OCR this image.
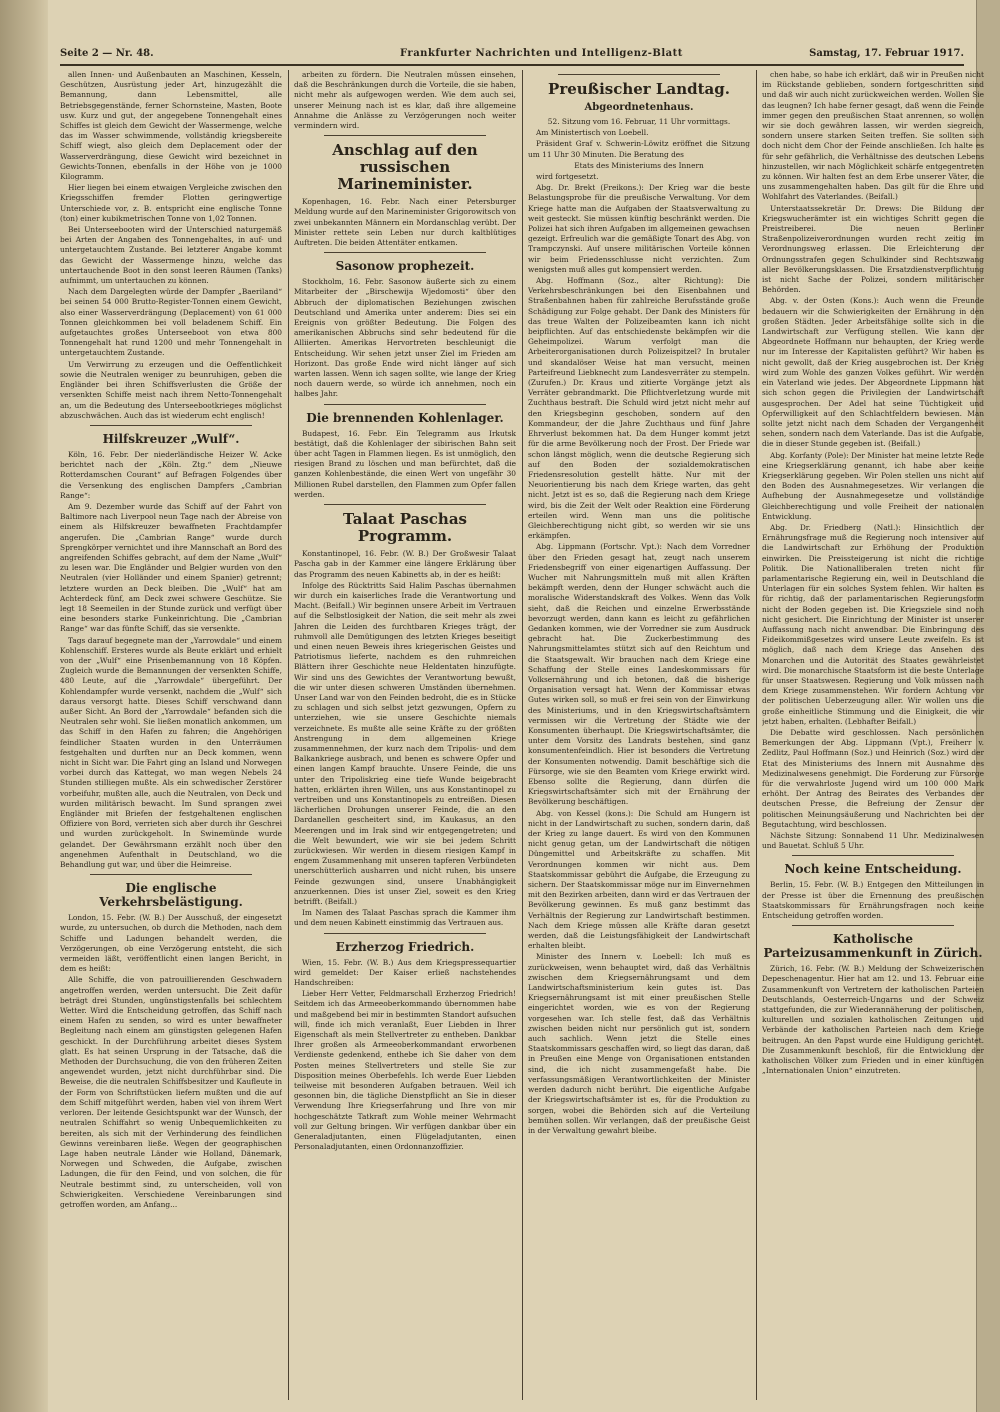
Seite 2 — Nr. 48.	Frankfurter Nachrichten und Intelligenz-Blatt	Samstag, 17. Februar 1917.

allen Innen- und Außenbauten an Maschinen, Kesseln, Geschützen, Ausrüstung jeder Art, hinzugezählt die Bemannung, dann Lebensmittel, alle Betriebsgegenstände, ferner Schornsteine, Masten, Boote usw. Kurz und gut, der angegebene Tonnengehalt eines Schiffes ist gleich dem Gewicht der Wassermenge, welche das im Wasser schwimmende, vollständig kriegsbereite Schiff wiegt, also gleich dem Deplacement oder der Wasserverdrängung, diese Gewicht wird bezeichnet in Gewichts-Tonnen, ebenfalls in der Höhe von je 1000 Kilogramm.

Hier liegen bei einem etwaigen Vergleiche zwischen den Kriegsschiffen fremder Flotten geringwertige Unterschiede vor, z. B. entspricht eine englische Tonne (ton) einer kubikmetrischen Tonne von 1,02 Tonnen.

Bei Unterseebooten wird der Unterschied naturgemäß bei Arten der Angaben des Tonnengehaltes, in auf- und untergetauchtem Zustande. Bei letzterer Angabe kommt das Gewicht der Wassermenge hinzu, welche das untertauchende Boot in den sonst leeren Räumen (Tanks) aufnimmt, um untertauchen zu können.

Nach dem Dargelegten würde der Dampfer „Baeriland“ bei seinen 54 000 Brutto-Register-Tonnen einem Gewicht, also einer Wasserverdrängung (Deplacement) von 61 000 Tonnen gleichkommen bei voll beladenem Schiff. Ein aufgetauchtes großes Unterseeboot von etwa 800 Tonnengehalt hat rund 1200 und mehr Tonnengehalt in untergetauchtem Zustande.

Um Verwirrung zu erzeugen und die Oeffentlichkeit sowie die Neutralen weniger zu beunruhigen, geben die Engländer bei ihren Schiffsverlusten die Größe der versenkten Schiffe meist nach ihrem Netto-Tonnengehalt an, um die Bedeutung des Unterseebootkrieges möglichst abzuschwächen. Auch das ist wiederum echt englisch!

Hilfskreuzer „Wulf“.

Köln, 16. Febr. Der niederländische Heizer W. Acke berichtet nach der „Köln. Ztg.“ dem „Nieuwe Rotterdamschen Courant“ auf Befragen Folgendes über die Versenkung des englischen Dampfers „Cambrian Range“:

Am 9. Dezember wurde das Schiff auf der Fahrt von Baltimore nach Liverpool neun Tage nach der Abreise von einem als Hilfskreuzer bewaffneten Frachtdampfer angerufen. Die „Cambrian Range“ wurde durch Sprengkörper vernichtet und ihre Mannschaft an Bord des angreifenden Schiffes gebracht, auf dem der Name „Wulf“ zu lesen war. Die Engländer und Belgier wurden von den Neutralen (vier Holländer und einem Spanier) getrennt; letztere wurden an Deck bleiben. Die „Wulf“ hat am Achterdeck fünf, am Deck zwei schwere Geschütze. Sie legt 18 Seemeilen in der Stunde zurück und verfügt über eine besonders starke Funkeinrichtung. Die „Cambrian Range“ war das fünfte Schiff, das sie versenkte.

Tags darauf begegnete man der „Yarrowdale“ und einem Kohlenschiff. Ersteres wurde als Beute erklärt und erhielt von der „Wulf“ eine Prisenbemannung von 18 Köpfen. Zugleich wurde die Bemannungen der versenkten Schiffe, 480 Leute, auf die „Yarrowdale“ übergeführt. Der Kohlendampfer wurde versenkt, nachdem die „Wulf“ sich daraus versorgt hatte. Dieses Schiff verschwand dann außer Sicht. An Bord der „Yarrowdale“ befanden sich die Neutralen sehr wohl. Sie ließen monatlich ankommen, um das Schiff in den Hafen zu fahren; die Angehörigen feindlicher Staaten wurden in den Unterräumen festgehalten und durften nur an Deck kommen, wenn nicht in Sicht war. Die Fahrt ging an Island und Norwegen vorbei durch das Kattegat, wo man wegen Nebels 24 Stunden stilliegen mußte. Als ein schwedischer Zerstörer vorbeifuhr, mußten alle, auch die Neutralen, von Deck und wurden militärisch bewacht. Im Sund sprangen zwei Engländer mit Briefen der festgehaltenen englischen Offiziere von Bord, verrieten sich aber durch ihr Geschrei und wurden zurückgeholt. In Swinemünde wurde gelandet. Der Gewährsmann erzählt noch über den angenehmen Aufenthalt in Deutschland, wo die Behandlung gut war, und über die Heimreise.

Die englische Verkehrsbelästigung.

London, 15. Febr. (W. B.) Der Ausschuß, der eingesetzt wurde, zu untersuchen, ob durch die Methoden, nach dem Schiffe und Ladungen behandelt werden, die Verzögerungen, ob eine Verzögerung entsteht, die sich vermeiden läßt, veröffentlicht einen langen Bericht, in dem es heißt:

Alle Schiffe, die von patrouillierenden Geschwadern angetroffen werden, werden untersucht. Die Zeit dafür beträgt drei Stunden, ungünstigstenfalls bei schlechtem Wetter. Wird die Entscheidung getroffen, das Schiff nach einem Hafen zu senden, so wird es unter bewaffneter Begleitung nach einem am günstigsten gelegenen Hafen geschickt. In der Durchführung arbeitet dieses System glatt. Es hat seinen Ursprung in der Tatsache, daß die Methoden der Durchsuchung, die von den früheren Zeiten angewendet wurden, jetzt nicht durchführbar sind. Die Beweise, die die neutralen Schiffsbesitzer und Kaufleute in der Form von Schriftstücken liefern mußten und die auf dem Schiff mitgeführt werden, haben viel von ihrem Wert verloren. Der leitende Gesichtspunkt war der Wunsch, der neutralen Schiffahrt so wenig Unbequemlichkeiten zu bereiten, als sich mit der Verhinderung des feindlichen Gewinns vereinbaren ließe. Wegen der geographischen Lage haben neutrale Länder wie Holland, Dänemark, Norwegen und Schweden, die Aufgabe, zwischen Ladungen, die für den Feind, und von solchen, die für Neutrale bestimmt sind, zu unterscheiden, voll von Schwierigkeiten. Verschiedene Vereinbarungen sind getroffen worden, am Anfang...

arbeiten zu fördern. Die Neutralen müssen einsehen, daß die Beschränkungen durch die Vorteile, die sie haben, nicht mehr als aufgewogen werden. Wie dem auch sei, unserer Meinung nach ist es klar, daß ihre allgemeine Annahme die Anlässe zu Verzögerungen noch weiter vermindern wird.

Anschlag auf den russischen Marineminister.

Kopenhagen, 16. Febr. Nach einer Petersburger Meldung wurde auf den Marineminister Grigorowitsch von zwei unbekannten Männern ein Mordanschlag verübt. Der Minister rettete sein Leben nur durch kaltblütiges Auftreten. Die beiden Attentäter entkamen.

Sasonow prophezeit.

Stockholm, 16. Febr. Sasonow äußerte sich zu einem Mitarbeiter der „Birschewija Wjedomosti“ über den Abbruch der diplomatischen Beziehungen zwischen Deutschland und Amerika unter anderem: Dies sei ein Ereignis von größter Bedeutung. Die Folgen des amerikanischen Abbruchs sind sehr bedeutend für die Alliierten. Amerikas Hervortreten beschleunigt die Entscheidung. Wir sehen jetzt unser Ziel im Frieden am Horizont. Das große Ende wird nicht länger auf sich warten lassen. Wenn ich sagen sollte, wie lange der Krieg noch dauern werde, so würde ich annehmen, noch ein halbes Jahr.

Die brennenden Kohlenlager.

Budapest, 16. Febr. Ein Telegramm aus Irkutsk bestätigt, daß die Kohlenlager der sibirischen Bahn seit über acht Tagen in Flammen liegen. Es ist unmöglich, den riesigen Brand zu löschen und man befürchtet, daß die ganzen Kohlenbestände, die einen Wert von ungefähr 30 Millionen Rubel darstellen, den Flammen zum Opfer fallen werden.

Talaat Paschas Programm.

Konstantinopel, 16. Febr. (W. B.) Der Großwesir Talaat Pascha gab in der Kammer eine längere Erklärung über das Programm des neuen Kabinetts ab, in der es heißt:

Infolge des Rücktritts Said Halim Paschas übernahmen wir durch ein kaiserliches Irade die Verantwortung und Macht. (Beifall.) Wir beginnen unsere Arbeit im Vertrauen auf die Selbstlosigkeit der Nation, die seit mehr als zwei Jahren die Leiden des furchtbaren Krieges trägt, der ruhmvoll alle Demütigungen des letzten Krieges beseitigt und einen neuen Beweis ihres kriegerischen Geistes und Patriotismus lieferte, nachdem es den ruhmreichen Blättern ihrer Geschichte neue Heldentaten hinzufügte. Wir sind uns des Gewichtes der Verantwortung bewußt, die wir unter diesen schweren Umständen übernehmen. Unser Land war von den Feinden bedroht, die es in Stücke zu schlagen und sich selbst jetzt gezwungen, Opfern zu unterziehen, wie sie unsere Geschichte niemals verzeichnete. Es mußte alle seine Kräfte zu der größten Anstrengung in dem allgemeinen Kriege zusammennehmen, der kurz nach dem Tripolis- und dem Balkankriege ausbrach, und benen es schwere Opfer und einen langen Kampf brauchte. Unsere Feinde, die uns unter den Tripoliskrieg eine tiefe Wunde beigebracht hatten, erklärten ihren Willen, uns aus Konstantinopel zu vertreiben und uns Konstantinopels zu entreißen. Diesen lächerlichen Drohungen unserer Feinde, die an den Dardanellen gescheitert sind, im Kaukasus, an den Meerengen und im Irak sind wir entgegengetreten; und die Welt bewundert, wie wir sie bei jedem Schritt zurückwiesen. Wir werden in diesem riesigen Kampf in engem Zusammenhang mit unseren tapferen Verbündeten unerschütterlich ausharren und nicht ruhen, bis unsere Feinde gezwungen sind, unsere Unabhängigkeit anzuerkennen. Dies ist unser Ziel, soweit es den Krieg betrifft. (Beifall.)

Im Namen des Talaat Paschas sprach die Kammer ihm und dem neuen Kabinett einstimmig das Vertrauen aus.

Erzherzog Friedrich.

Wien, 15. Febr. (W. B.) Aus dem Kriegspressequartier wird gemeldet: Der Kaiser erließ nachstehendes Handschreiben:

Lieber Herr Vetter, Feldmarschall Erzherzog Friedrich! Seitdem ich das Armeeoberkommando übernommen habe und maßgebend bei mir in bestimmten Standort aufsuchen will, finde ich mich veranlaßt, Euer Liebden in Ihrer Eigenschaft als mein Stellvertreter zu entheben. Dankbar Ihrer großen als Armeeoberkommandant erworbenen Verdienste gedenkend, enthebe ich Sie daher von dem Posten meines Stellvertreters und stelle Sie zur Disposition meines Oberbefehls. Ich werde Euer Liebden teilweise mit besonderen Aufgaben betrauen. Weil ich gesonnen bin, die tägliche Dienstpflicht an Sie in dieser Verwendung Ihre Kriegserfahrung und Ihre von mir hochgeschätzte Tatkraft zum Wohle meiner Wehrmacht voll zur Geltung bringen. Wir verfügen dankbar über ein Generaladjutanten, einen Flügeladjutanten, einen Personaladjutanten, einen Ordonnanzoffizier.

Preußischer Landtag.
Abgeordnetenhaus.

52. Sitzung vom 16. Februar, 11 Uhr vormittags.

Am Ministertisch von Loebell.

Präsident Graf v. Schwerin-Löwitz eröffnet die Sitzung um 11 Uhr 30 Minuten. Die Beratung des

Etats des Ministeriums des Innern

wird fortgesetzt.

Abg. Dr. Brekt (Freikons.): Der Krieg war die beste Belastungsprobe für die preußische Verwaltung. Vor dem Kriege hatte man die Aufgaben der Staatsverwaltung zu weit gesteckt. Sie müssen künftig beschränkt werden. Die Polizei hat sich ihren Aufgaben im allgemeinen gewachsen gezeigt. Erfreulich war die gemäßigte Tonart des Abg. von Trampczynski. Auf unsere militärischen Vorteile können wir beim Friedensschlusse nicht verzichten. Zum wenigsten muß alles gut kompensiert werden.

Abg. Hoffmann (Soz., alter Richtung): Die Verkehrsbeschränkungen bei den Eisenbahnen und Straßenbahnen haben für zahlreiche Berufsstände große Schädigung zur Folge gehabt. Der Dank des Ministers für das treue Walten der Polizeibeamten kann ich nicht beipflichten. Auf das entschiedenste bekämpfen wir die Geheimpolizei. Warum verfolgt man die Arbeiterorganisationen durch Polizeispitzel? In brutaler und skandalöser Weise hat man versucht, meinen Parteifreund Liebknecht zum Landesverräter zu stempeln. (Zurufen.) Dr. Kraus und zitierte Vorgänge jetzt als Verräter gebrandmarkt. Die Pflichtverletzung wurde mit Zuchthaus bestraft. Die Schuld wird jetzt nicht mehr auf den Kriegsbeginn geschoben, sondern auf den Kommandeur, der die Jahre Zuchthaus und fünf Jahre Ehrverlust bekommen hat. Da dem Hunger kommt jetzt für die arme Bevölkerung noch der Frost. Der Friede war schon längst möglich, wenn die deutsche Regierung sich auf den Boden der sozialdemokratischen Friedensresolution gestellt hätte. Nur mit der Neuorientierung bis nach dem Kriege warten, das geht nicht. Jetzt ist es so, daß die Regierung nach dem Kriege wird, bis die Zeit der Welt oder Reaktion eine Förderung erteilen wird. Wenn man uns die politische Gleichberechtigung nicht gibt, so werden wir sie uns erkämpfen.

Abg. Lippmann (Fortschr. Vpt.): Nach dem Vorredner über den Frieden gesagt hat, zeugt nach unserem Friedensbegriff von einer eigenartigen Auffassung. Der Wucher mit Nahrungsmitteln muß mit allen Kräften bekämpft werden, denn der Hunger schwächt auch die moralische Widerstandskraft des Volkes. Wenn das Volk sieht, daß die Reichen und einzelne Erwerbsstände bevorzugt werden, dann kann es leicht zu gefährlichen Gedanken kommen, wie der Vorredner sie zum Ausdruck gebracht hat. Die Zuckerbestimmung des Nahrungsmittelamtes stützt sich auf den Reichtum und die Staatsgewalt. Wir brauchen nach dem Kriege eine Schaffung der Stelle eines Landeskommissars für Volksernährung und ich betonen, daß die bisherige Organisation versagt hat. Wenn der Kommissar etwas Gutes wirken soll, so muß er frei sein von der Einwirkung des Ministeriums, und in den Kriegswirtschaftsämtern vermissen wir die Vertretung der Städte wie der Konsumenten überhaupt. Die Kriegswirtschaftsämter, die unter dem Vorsitz des Landrats bestehen, sind ganz konsumentenfeindlich. Hier ist besonders die Vertretung der Konsumenten notwendig. Damit beschäftige sich die Fürsorge, wie sie den Beamten vom Kriege erwirkt wird. Ebenso sollte die Regierung, dann dürfen die Kriegswirtschaftsämter sich mit der Ernährung der Bevölkerung beschäftigen.

Abg. von Kessel (kons.): Die Schuld am Hungern ist nicht in der Landwirtschaft zu suchen, sondern darin, daß der Krieg zu lange dauert. Es wird von den Kommunen nicht genug getan, um der Landwirtschaft die nötigen Düngemittel und Arbeitskräfte zu schaffen. Mit Verordnungen kommen wir nicht aus. Dem Staatskommissar gebührt die Aufgabe, die Erzeugung zu sichern. Der Staatskommissar möge nur im Einvernehmen mit den Bezirken arbeiten, dann wird er das Vertrauen der Bevölkerung gewinnen. Es muß ganz bestimmt das Verhältnis der Regierung zur Landwirtschaft bestimmen. Nach dem Kriege müssen alle Kräfte daran gesetzt werden, daß die Leistungsfähigkeit der Landwirtschaft erhalten bleibt.

Minister des Innern v. Loebell: Ich muß es zurückweisen, wenn behauptet wird, daß das Verhältnis zwischen dem Kriegsernährungsamt und dem Landwirtschaftsministerium kein gutes ist. Das Kriegsernährungsamt ist mit einer preußischen Stelle eingerichtet worden, wie es von der Regierung vorgesehen war. Ich stelle fest, daß das Verhältnis zwischen beiden nicht nur persönlich gut ist, sondern auch sachlich. Wenn jetzt die Stelle eines Staatskommissars geschaffen wird, so liegt das daran, daß in Preußen eine Menge von Organisationen entstanden sind, die ich nicht zusammengefaßt habe. Die verfassungsmäßigen Verantwortlichkeiten der Minister werden dadurch nicht berührt. Die eigentliche Aufgabe der Kriegswirtschaftsämter ist es, für die Produktion zu sorgen, wobei die Behörden sich auf die Verteilung bemühen sollen. Wir verlangen, daß der preußische Geist in der Verwaltung gewahrt bleibe.

chen habe, so habe ich erklärt, daß wir in Preußen nicht im Rückstande geblieben, sondern fortgeschritten sind und daß wir auch nicht zurückweichen werden. Wollen Sie das leugnen? Ich habe ferner gesagt, daß wenn die Feinde immer gegen den preußischen Staat anrennen, so wollen wir sie doch gewähren lassen, wir werden siegreich, sondern unsere starken Seiten treffen. Sie sollten sich doch nicht dem Chor der Feinde anschließen. Ich halte es für sehr gefährlich, die Verhältnisse des deutschen Lebens hinzustellen, wir nach Möglichkeit schärfe entgegentreten zu können. Wir halten fest an dem Erbe unserer Väter, die uns zusammengehalten haben. Das gilt für die Ehre und Wohlfahrt des Vaterlandes. (Beifall.)

Unterstaatssekretär Dr. Drews: Die Bildung der Kriegswucherämter ist ein wichtiges Schritt gegen die Preistreiberei. Die neuen Berliner Straßenpolizeiverordnungen wurden recht zeitig im Verordnungsweg erlassen. Die Erleichterung der Ordnungsstrafen gegen Schulkinder sind Rechtszwang aller Bevölkerungsklassen. Die Ersatzdienstverpflichtung ist nicht Sache der Polizei, sondern militärischer Behörden.

Abg. v. der Osten (Kons.): Auch wenn die Freunde bedauern wir die Schwierigkeiten der Ernährung in den großen Städten. Jeder Arbeitsfähige sollte sich in die Landwirtschaft zur Verfügung stellen. Wie kann der Abgeordnete Hoffmann nur behaupten, der Krieg werde nur im Interesse der Kapitalisten geführt? Wir haben es nicht gewollt, daß der Krieg ausgebrochen ist. Der Krieg wird zum Wohle des ganzen Volkes geführt. Wir werden ein Vaterland wie jedes. Der Abgeordnete Lippmann hat sich schon gegen die Privilegien der Landwirtschaft ausgesprochen. Der Adel hat seine Tüchtigkeit und Opferwilligkeit auf den Schlachtfeldern bewiesen. Man sollte jetzt nicht nach dem Schaden der Vergangenheit sehen, sondern nach dem Vaterlande. Das ist die Aufgabe, die in dieser Stunde gegeben ist. (Beifall.)

Abg. Korfanty (Pole): Der Minister hat meine letzte Rede eine Kriegserklärung genannt, ich habe aber keine Kriegserklärung gegeben. Wir Polen stellen uns nicht auf den Boden des Ausnahmegesetzes. Wir verlangen die Aufhebung der Ausnahmegesetze und vollständige Gleichberechtigung und volle Freiheit der nationalen Entwicklung.

Abg. Dr. Friedberg (Natl.): Hinsichtlich der Ernährungsfrage muß die Regierung noch intensiver auf die Landwirtschaft zur Erhöhung der Produktion einwirken. Die Preissteigerung ist nicht die richtige Politik. Die Nationalliberalen treten nicht für parlamentarische Regierung ein, weil in Deutschland die Unterlagen für ein solches System fehlen. Wir halten es für richtig, daß der parlamentarischen Regierungsform nicht der Boden gegeben ist. Die Kriegsziele sind noch nicht gesichert. Die Einrichtung der Minister ist unserer Auffassung nach nicht anwendbar. Die Einbringung des Fideikommißgesetzes wird unsere Leute zweifeln. Es ist möglich, daß nach dem Kriege das Ansehen des Monarchen und die Autorität des Staates gewährleistet wird. Die monarchische Staatsform ist die beste Unterlage für unser Staatswesen. Regierung und Volk müssen nach dem Kriege zusammenstehen. Wir fordern Achtung vor der politischen Ueberzeugung aller. Wir wollen uns die große einheitliche Stimmung und die Einigkeit, die wir jetzt haben, erhalten. (Lebhafter Beifall.)

Die Debatte wird geschlossen. Nach persönlichen Bemerkungen der Abg. Lippmann (Vpt.), Freiherr v. Zedlitz, Paul Hoffmann (Soz.) und Heinrich (Soz.) wird der Etat des Ministeriums des Innern mit Ausnahme des Medizinalwesens genehmigt. Die Forderung zur Fürsorge für die verwahrloste Jugend wird um 100 000 Mark erhöht. Der Antrag des Beirates des Verbandes der deutschen Presse, die Befreiung der Zensur der politischen Meinungsäußerung und Nachrichten bei der Begutachtung, wird beschlossen.

Nächste Sitzung: Sonnabend 11 Uhr. Medizinalwesen und Bauetat. Schluß 5 Uhr.

Noch keine Entscheidung.

Berlin, 15. Febr. (W. B.) Entgegen den Mitteilungen in der Presse ist über die Ernennung des preußischen Staatskommissars für Ernährungsfragen noch keine Entscheidung getroffen worden.

Katholische Parteizusammenkunft in Zürich.

Zürich, 16. Febr. (W. B.) Meldung der Schweizerischen Depeschenagentur. Hier hat am 12. und 13. Februar eine Zusammenkunft von Vertretern der katholischen Parteien Deutschlands, Oesterreich-Ungarns und der Schweiz stattgefunden, die zur Wiederannäherung der politischen, kulturellen und sozialen katholischen Zeitungen und Verbände der katholischen Parteien nach dem Kriege beitrugen. An den Papst wurde eine Huldigung gerichtet. Die Zusammenkunft beschloß, für die Entwicklung der katholischen Völker zum Frieden und in einer künftigen „Internationalen Union“ einzutreten.
